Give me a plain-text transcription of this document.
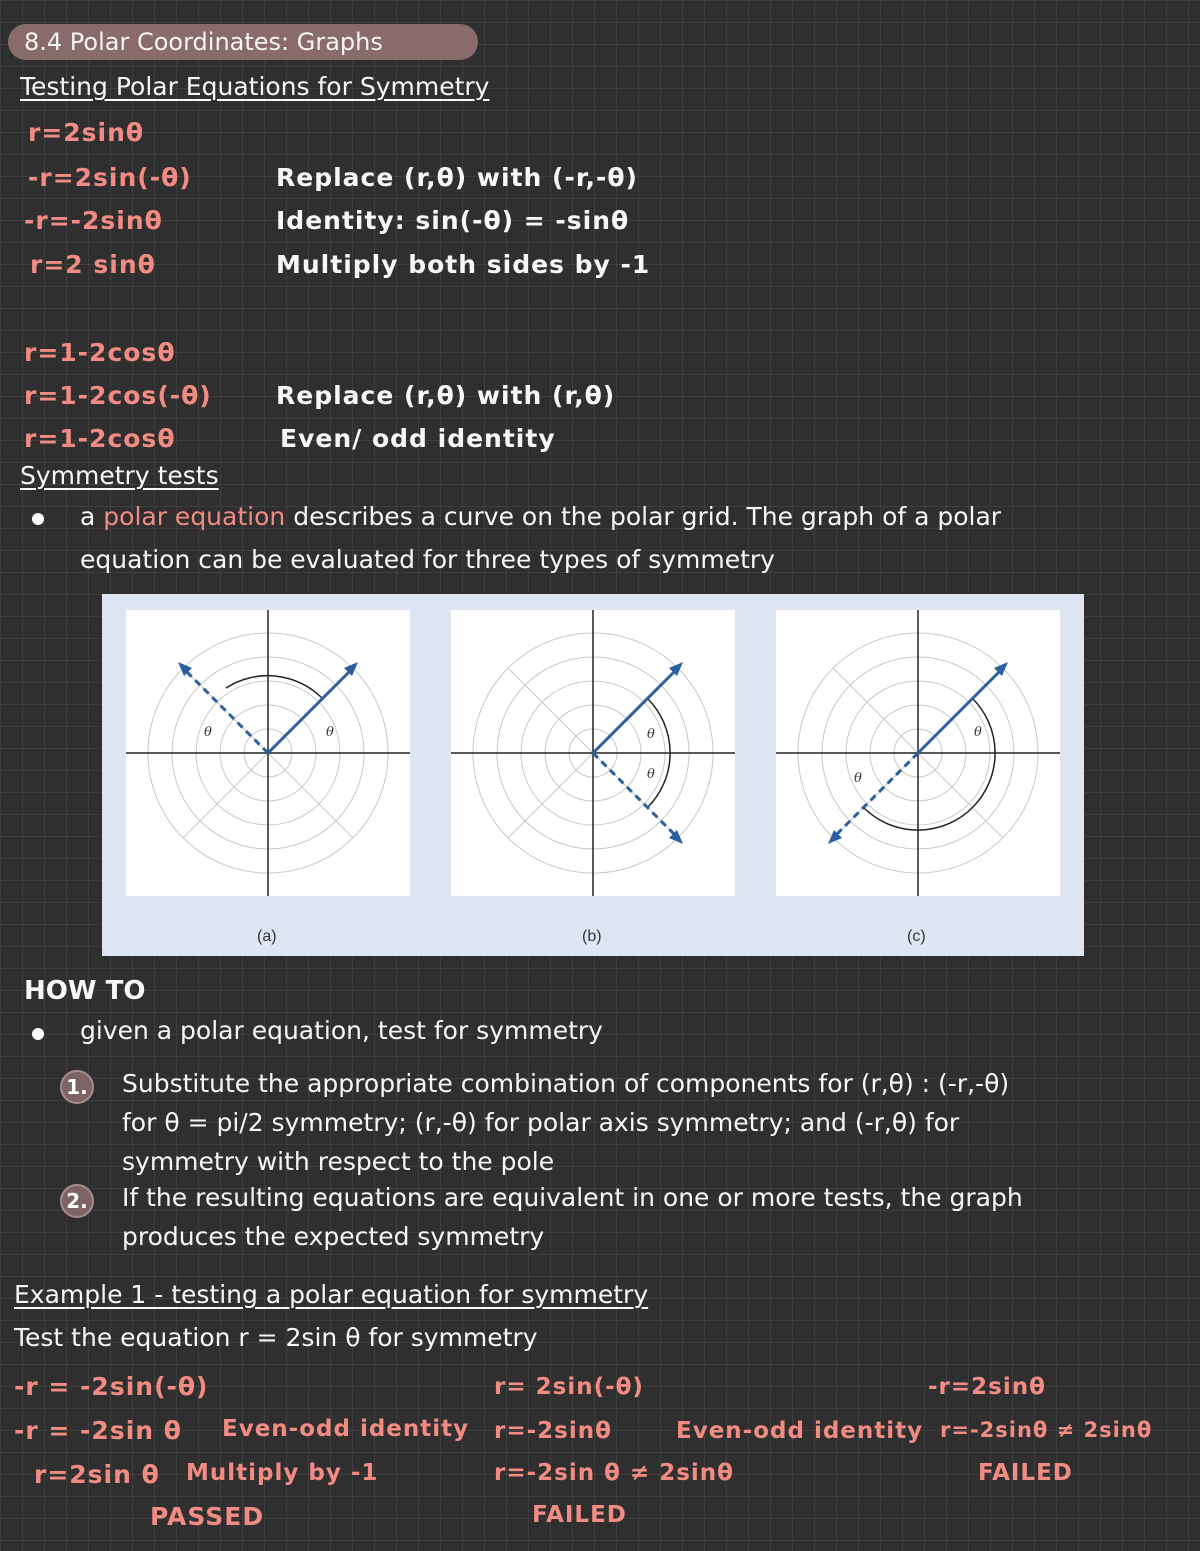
8.4 Polar Coordinates: Graphs
Testing Polar Equations for Symmetry
r=2sinθ
-r=2sin(-θ)	Replace (r,θ) with (-r,-θ)
-r=-2sinθ	Identity: sin(-θ) = -sinθ
r=2 sinθ	Multiply both sides by -1
r=1-2cosθ
r=1-2cos(-θ)	Replace (r,θ) with (r,θ)
r=1-2cosθ	Even/ odd identity
Symmetry tests
a polar equation describes a curve on the polar grid. The graph of a polar
equation can be evaluated for three types of symmetry
θ
θ	θ
θ
θ
θ
(a)	(b)	(c)
HOW TO
given a polar equation, test for symmetry
1. Substitute the appropriate combination of components for (r,θ) : (-r,-θ)
for θ = pi/2 symmetry; (r,-θ) for polar axis symmetry; and (-r,θ) for
symmetry with respect to the pole
2. If the resulting equations are equivalent in one or more tests, the graph
produces the expected symmetry
Example 1 - testing a polar equation for symmetry
Test the equation r = 2sin θ for symmetry
-r = -2sin(-θ)
-r = -2sin θ Even-odd identity
r=2sin θ Multiply by -1
PASSED
r= 2sin(-θ)
r=-2sinθ	Even-odd identity
r=-2sin θ ≠ 2sinθ
FAILED
-r=2sinθ
r=-2sinθ ≠ 2sinθ
FAILED
